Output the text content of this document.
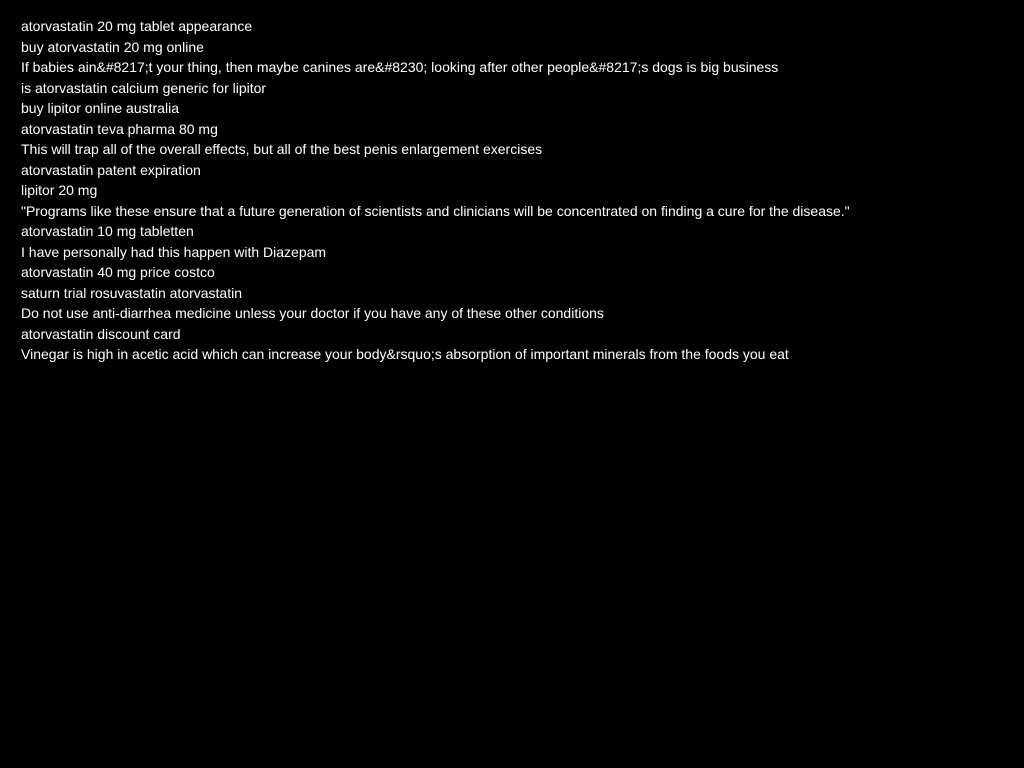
atorvastatin 20 mg tablet appearance
buy atorvastatin 20 mg online
If babies ain&#8217;t your thing, then maybe canines are&#8230; looking after other people&#8217;s dogs is big business
is atorvastatin calcium generic for lipitor
buy lipitor online australia
atorvastatin teva pharma 80 mg
This will trap all of the overall effects, but all of the best penis enlargement exercises
atorvastatin patent expiration
lipitor 20 mg
"Programs like these ensure that a future generation of scientists and clinicians will be concentrated on finding a cure for the disease."
atorvastatin 10 mg tabletten
I have personally had this happen with Diazepam
atorvastatin 40 mg price costco
saturn trial rosuvastatin atorvastatin
Do not use anti-diarrhea medicine unless your doctor if you have any of these other conditions
atorvastatin discount card
Vinegar is high in acetic acid which can increase your body&rsquo;s absorption of important minerals from the foods you eat
